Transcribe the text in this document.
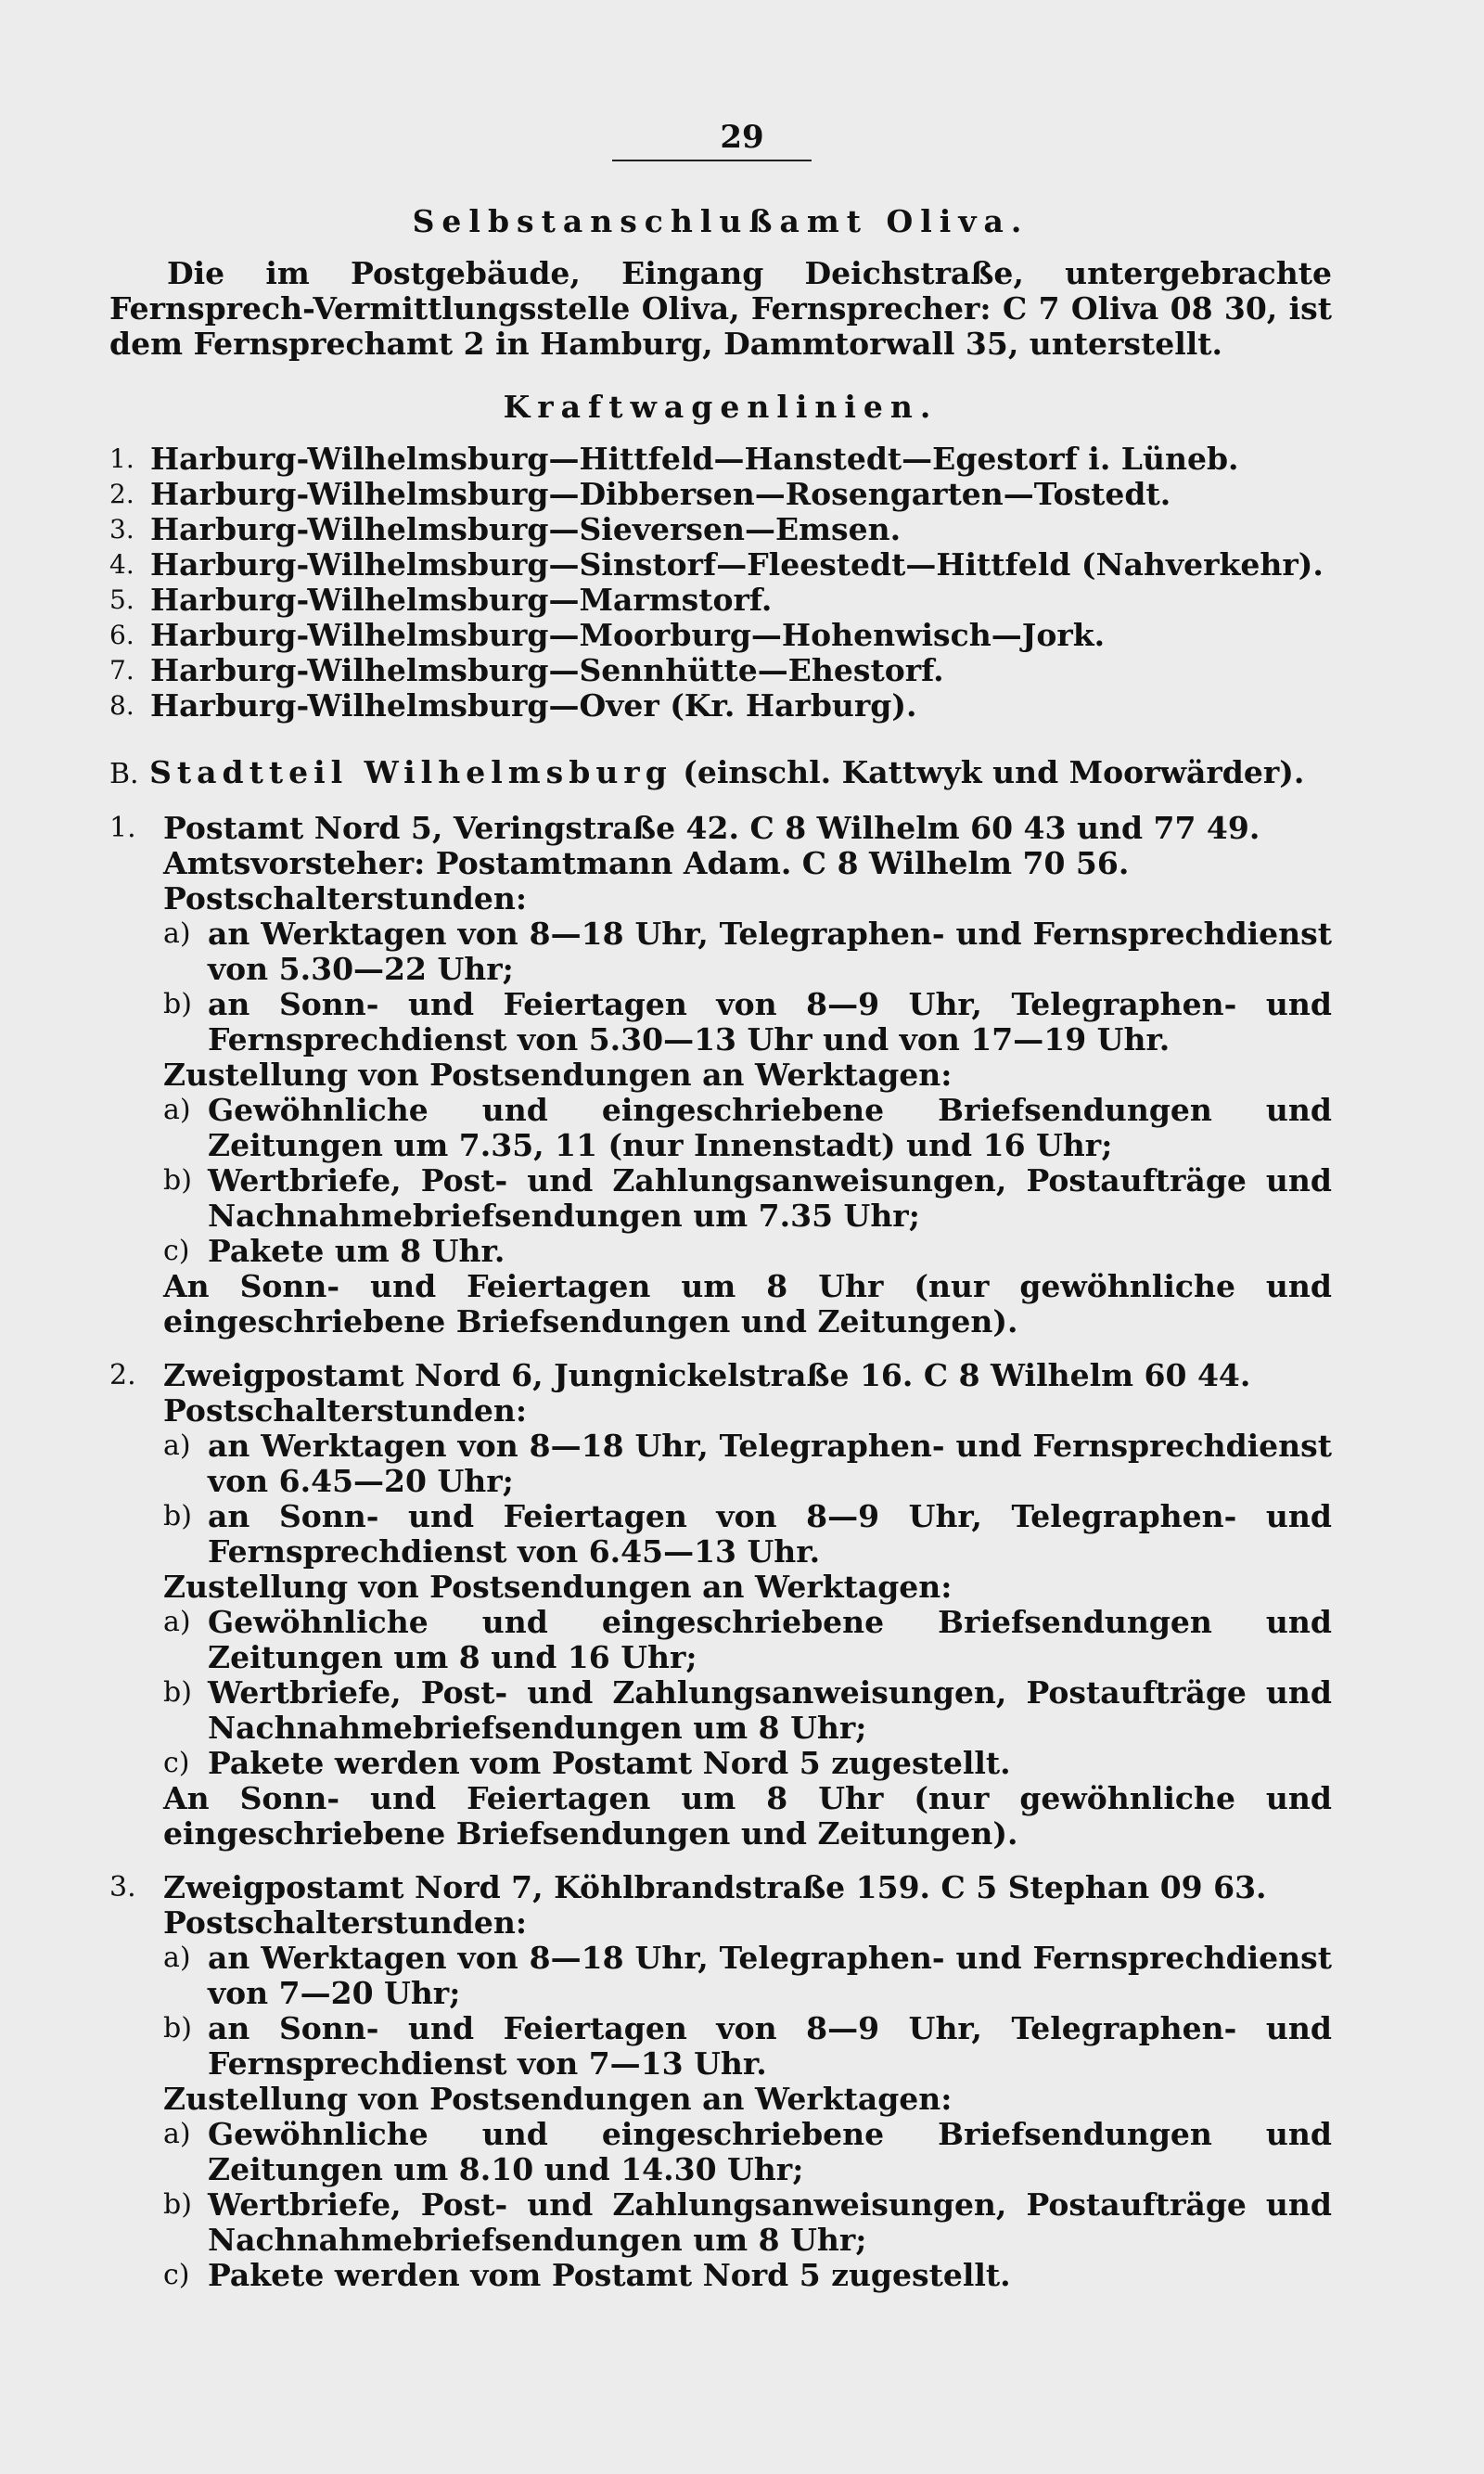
29
Selbstanschlußamt Oliva.

Die im Postgebäude, Eingang Deichstraße, untergebrachte Fernsprech-Vermittlungsstelle Oliva, Fernsprecher: C 7 Oliva 08 30, ist dem Fernsprechamt 2 in Hamburg, Dammtorwall 35, unterstellt.

Kraftwagenlinien.
1. Harburg-Wilhelmsburg—Hittfeld—Hanstedt—Egestorf i. Lüneb.
2. Harburg-Wilhelmsburg—Dibbersen—Rosengarten—Tostedt.
3. Harburg-Wilhelmsburg—Sieversen—Emsen.
4. Harburg-Wilhelmsburg—Sinstorf—Fleestedt—Hittfeld (Nahverkehr).
5. Harburg-Wilhelmsburg—Marmstorf.
6. Harburg-Wilhelmsburg—Moorburg—Hohenwisch—Jork.
7. Harburg-Wilhelmsburg—Sennhütte—Ehestorf.
8. Harburg-Wilhelmsburg—Over (Kr. Harburg).
B. Stadtteil Wilhelmsburg (einschl. Kattwyk und Moorwärder).
1. Postamt Nord 5, Veringstraße 42. C 8 Wilhelm 60 43 und 77 49.
Amtsvorsteher: Postamtmann Adam. C 8 Wilhelm 70 56.
Postschalterstunden:
a) an Werktagen von 8—18 Uhr, Telegraphen- und Fernsprechdienst von 5.30—22 Uhr;
b) an Sonn- und Feiertagen von 8—9 Uhr, Telegraphen- und Fernsprechdienst von 5.30—13 Uhr und von 17—19 Uhr.
Zustellung von Postsendungen an Werktagen:
a) Gewöhnliche und eingeschriebene Briefsendungen und Zeitungen um 7.35, 11 (nur Innenstadt) und 16 Uhr;
b) Wertbriefe, Post- und Zahlungsanweisungen, Postaufträge und Nachnahmebriefsendungen um 7.35 Uhr;
c) Pakete um 8 Uhr.
An Sonn- und Feiertagen um 8 Uhr (nur gewöhnliche und eingeschriebene Briefsendungen und Zeitungen).
2. Zweigpostamt Nord 6, Jungnickelstraße 16. C 8 Wilhelm 60 44.
Postschalterstunden:
a) an Werktagen von 8—18 Uhr, Telegraphen- und Fernsprechdienst von 6.45—20 Uhr;
b) an Sonn- und Feiertagen von 8—9 Uhr, Telegraphen- und Fernsprechdienst von 6.45—13 Uhr.
Zustellung von Postsendungen an Werktagen:
a) Gewöhnliche und eingeschriebene Briefsendungen und Zeitungen um 8 und 16 Uhr;
b) Wertbriefe, Post- und Zahlungsanweisungen, Postaufträge und Nachnahmebriefsendungen um 8 Uhr;
c) Pakete werden vom Postamt Nord 5 zugestellt.
An Sonn- und Feiertagen um 8 Uhr (nur gewöhnliche und eingeschriebene Briefsendungen und Zeitungen).
3. Zweigpostamt Nord 7, Köhlbrandstraße 159. C 5 Stephan 09 63.
Postschalterstunden:
a) an Werktagen von 8—18 Uhr, Telegraphen- und Fernsprechdienst von 7—20 Uhr;
b) an Sonn- und Feiertagen von 8—9 Uhr, Telegraphen- und Fernsprechdienst von 7—13 Uhr.
Zustellung von Postsendungen an Werktagen:
a) Gewöhnliche und eingeschriebene Briefsendungen und Zeitungen um 8.10 und 14.30 Uhr;
b) Wertbriefe, Post- und Zahlungsanweisungen, Postaufträge und Nachnahmebriefsendungen um 8 Uhr;
c) Pakete werden vom Postamt Nord 5 zugestellt.
